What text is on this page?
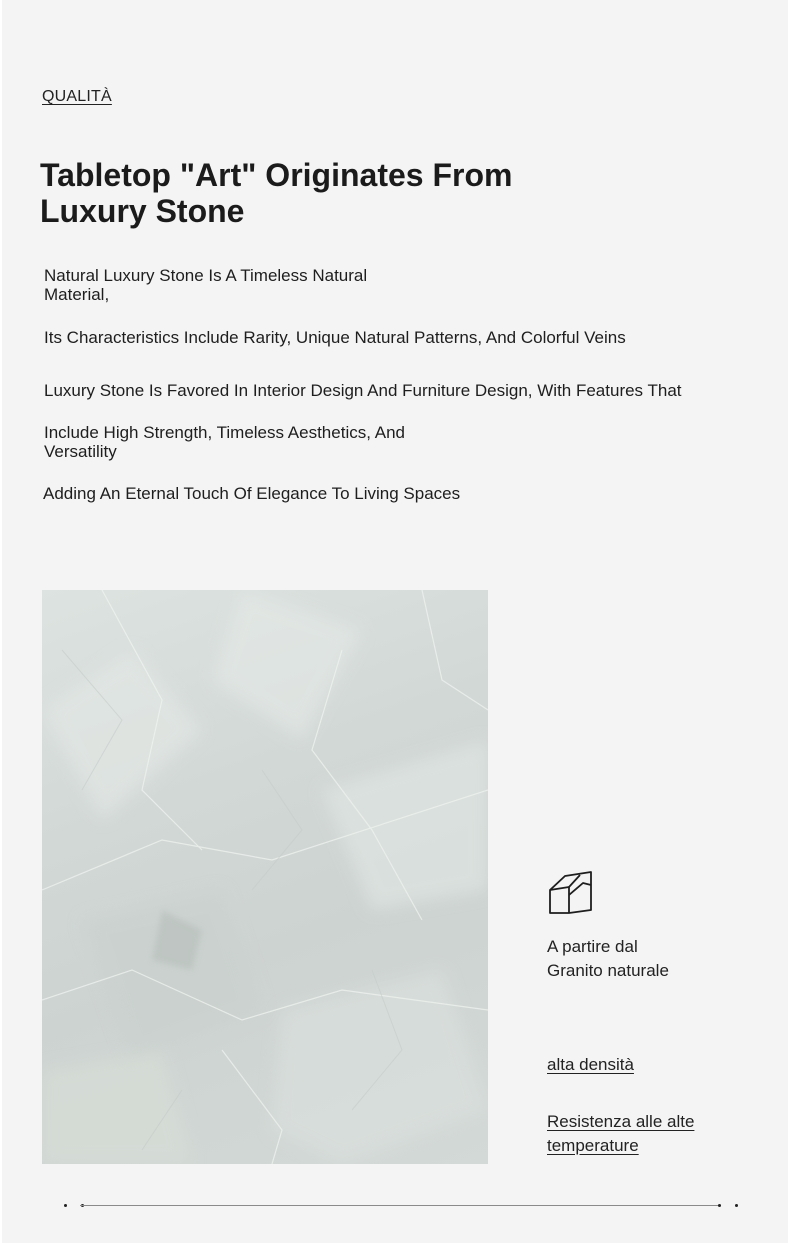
QUALITÀ
Tabletop "Art" Originates From Luxury Stone

Natural Luxury Stone Is A Timeless Natural Material,

Its Characteristics Include Rarity, Unique Natural Patterns, And Colorful Veins

Luxury Stone Is Favored In Interior Design And Furniture Design, With Features That

Include High Strength, Timeless Aesthetics, And Versatility

Adding An Eternal Touch Of Elegance To Living Spaces

A partire dal
Granito naturale

alta densità

Resistenza alle alte temperature
